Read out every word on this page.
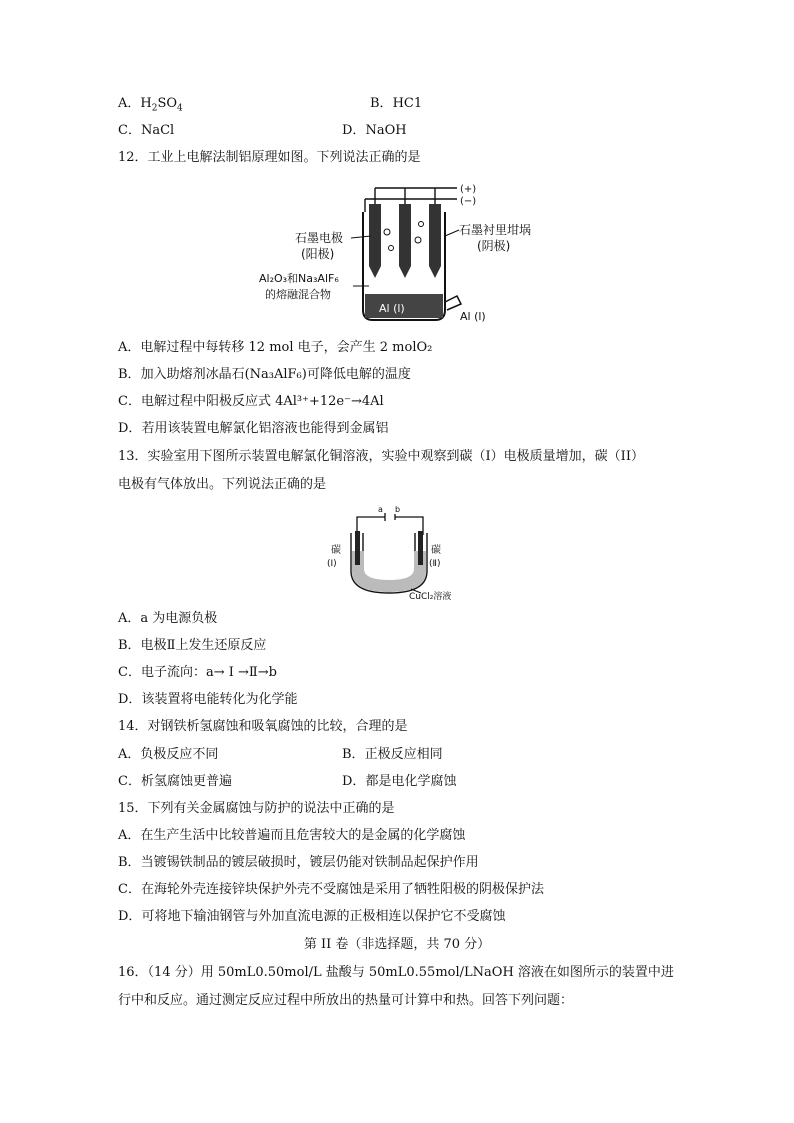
A．$H_2SO_4$	B．HC1
C．NaCl	D．NaOH
12．工业上电解法制铝原理如图。下列说法正确的是
(+)
(−)
Al (l)
Al (l)
石墨电极
(阳极)
Al₂O₃和Na₃AlF₆
的熔融混合物
石墨衬里坩埚
(阴极)
A．电解过程中每转移 12 mol 电子，会产生 2 molO₂
B．加入助熔剂冰晶石(Na₃AlF₆)可降低电解的温度
C．电解过程中阳极反应式 4Al³⁺+12e⁻→4Al
D．若用该装置电解氯化铝溶液也能得到金属铝
13．实验室用下图所示装置电解氯化铜溶液，实验中观察到碳（I）电极质量增加，碳（II）
电极有气体放出。下列说法正确的是
a b
碳
(Ⅰ)
碳
(Ⅱ)
CuCl₂溶液
A．a 为电源负极
B．电极Ⅱ上发生还原反应
C．电子流向：a→ Ⅰ →Ⅱ→b
D．该装置将电能转化为化学能
14．对钢铁析氢腐蚀和吸氧腐蚀的比较，合理的是
A．负极反应不同	B．正极反应相同
C．析氢腐蚀更普遍	D．都是电化学腐蚀
15．下列有关金属腐蚀与防护的说法中正确的是
A．在生产生活中比较普遍而且危害较大的是金属的化学腐蚀
B．当镀锡铁制品的镀层破损时，镀层仍能对铁制品起保护作用
C．在海轮外壳连接锌块保护外壳不受腐蚀是采用了牺牲阳极的阴极保护法
D．可将地下输油钢管与外加直流电源的正极相连以保护它不受腐蚀
第 II 卷（非选择题，共 70 分）
16．（14 分）用 50mL0.50mol/L 盐酸与 50mL0.55mol/LNaOH 溶液在如图所示的装置中进
行中和反应。通过测定反应过程中所放出的热量可计算中和热。回答下列问题：
